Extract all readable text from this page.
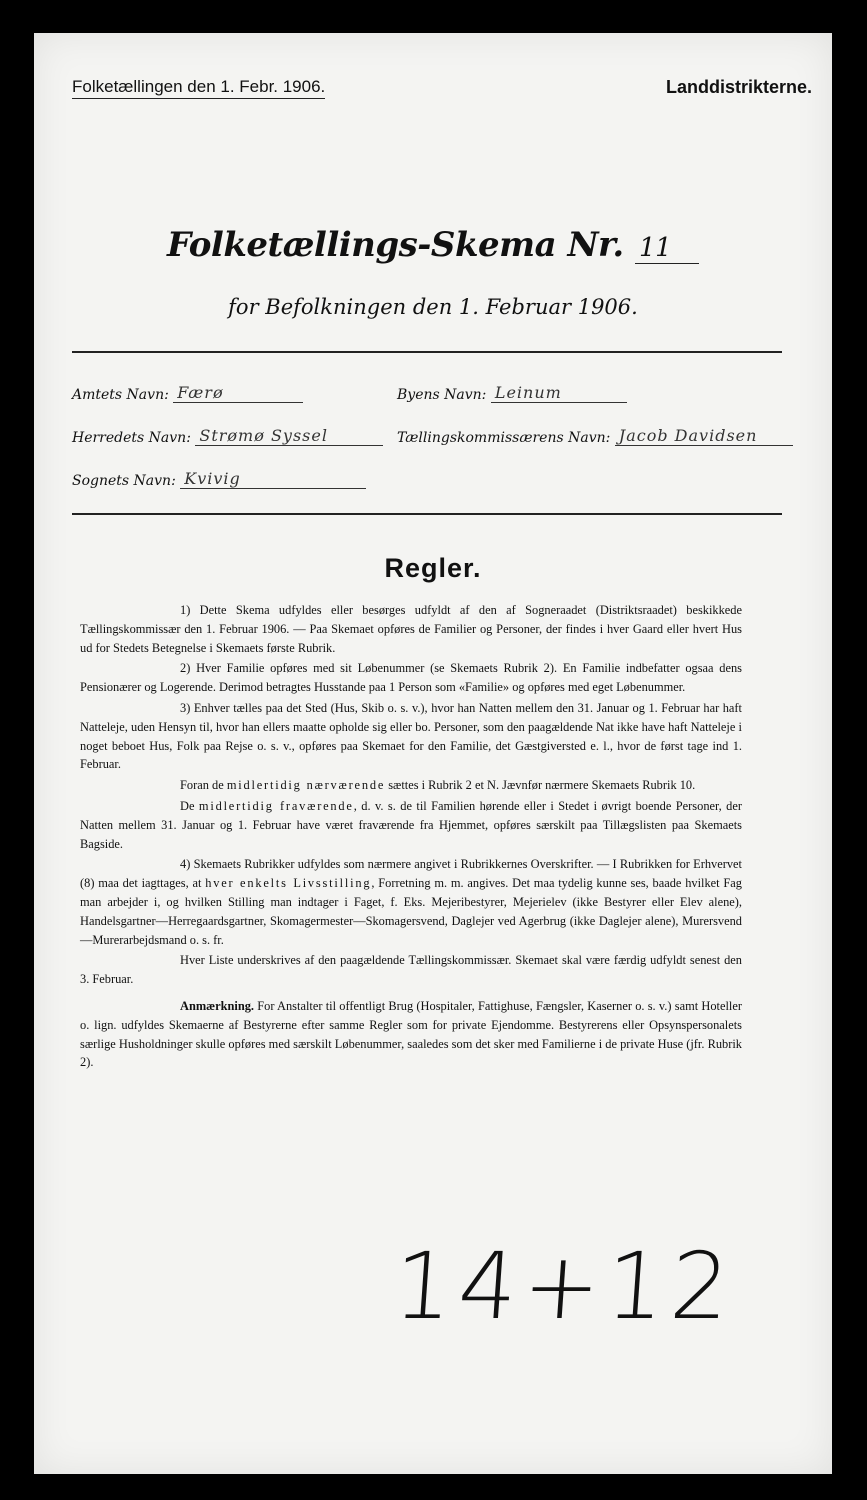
Folketællingen den 1. Febr. 1906.	Landdistrikterne.
Folketællings-Skema Nr. 11
for Befolkningen den 1. Februar 1906.
Amtets Navn: Færø	Byens Navn: Leinum
Herredets Navn: Strømø Syssel	Tællingskommissærens Navn: Jacob Davidsen
Sognets Navn: Kvivig
Regler.

1) Dette Skema udfyldes eller besørges udfyldt af den af Sogneraadet (Distriktsraadet) beskikkede Tællingskommissær den 1. Februar 1906. — Paa Skemaet opføres de Familier og Personer, der findes i hver Gaard eller hvert Hus ud for Stedets Betegnelse i Skemaets første Rubrik.

2) Hver Familie opføres med sit Løbenummer (se Skemaets Rubrik 2). En Familie indbefatter ogsaa dens Pensionærer og Logerende. Derimod betragtes Husstande paa 1 Person som «Familie» og opføres med eget Løbenummer.

3) Enhver tælles paa det Sted (Hus, Skib o. s. v.), hvor han Natten mellem den 31. Januar og 1. Februar har haft Natteleje, uden Hensyn til, hvor han ellers maatte opholde sig eller bo. Personer, som den paagældende Nat ikke have haft Natteleje i noget beboet Hus, Folk paa Rejse o. s. v., opføres paa Skemaet for den Familie, det Gæstgiversted e. l., hvor de først tage ind 1. Februar.

Foran de midlertidig nærværende sættes i Rubrik 2 et N. Jævnfør nærmere Skemaets Rubrik 10.

De midlertidig fraværende, d. v. s. de til Familien hørende eller i Stedet i øvrigt boende Personer, der Natten mellem 31. Januar og 1. Februar have været fraværende fra Hjemmet, opføres særskilt paa Tillægslisten paa Skemaets Bagside.

4) Skemaets Rubrikker udfyldes som nærmere angivet i Rubrikkernes Overskrifter. — I Rubrikken for Erhvervet (8) maa det iagttages, at hver enkelts Livsstilling, Forretning m. m. angives. Det maa tydelig kunne ses, baade hvilket Fag man arbejder i, og hvilken Stilling man indtager i Faget, f. Eks. Mejeribestyrer, Mejerielev (ikke Bestyrer eller Elev alene), Handelsgartner—Herregaardsgartner, Skomagermester—Skomagersvend, Daglejer ved Agerbrug (ikke Daglejer alene), Murersvend—Murerarbejdsmand o. s. fr.

Hver Liste underskrives af den paagældende Tællingskommissær. Skemaet skal være færdig udfyldt senest den 3. Februar.

Anmærkning. For Anstalter til offentligt Brug (Hospitaler, Fattighuse, Fængsler, Kaserner o. s. v.) samt Hoteller o. lign. udfyldes Skemaerne af Bestyrerne efter samme Regler som for private Ejendomme. Bestyrerens eller Opsynspersonalets særlige Husholdninger skulle opføres med særskilt Løbenummer, saaledes som det sker med Familierne i de private Huse (jfr. Rubrik 2).

14+12
